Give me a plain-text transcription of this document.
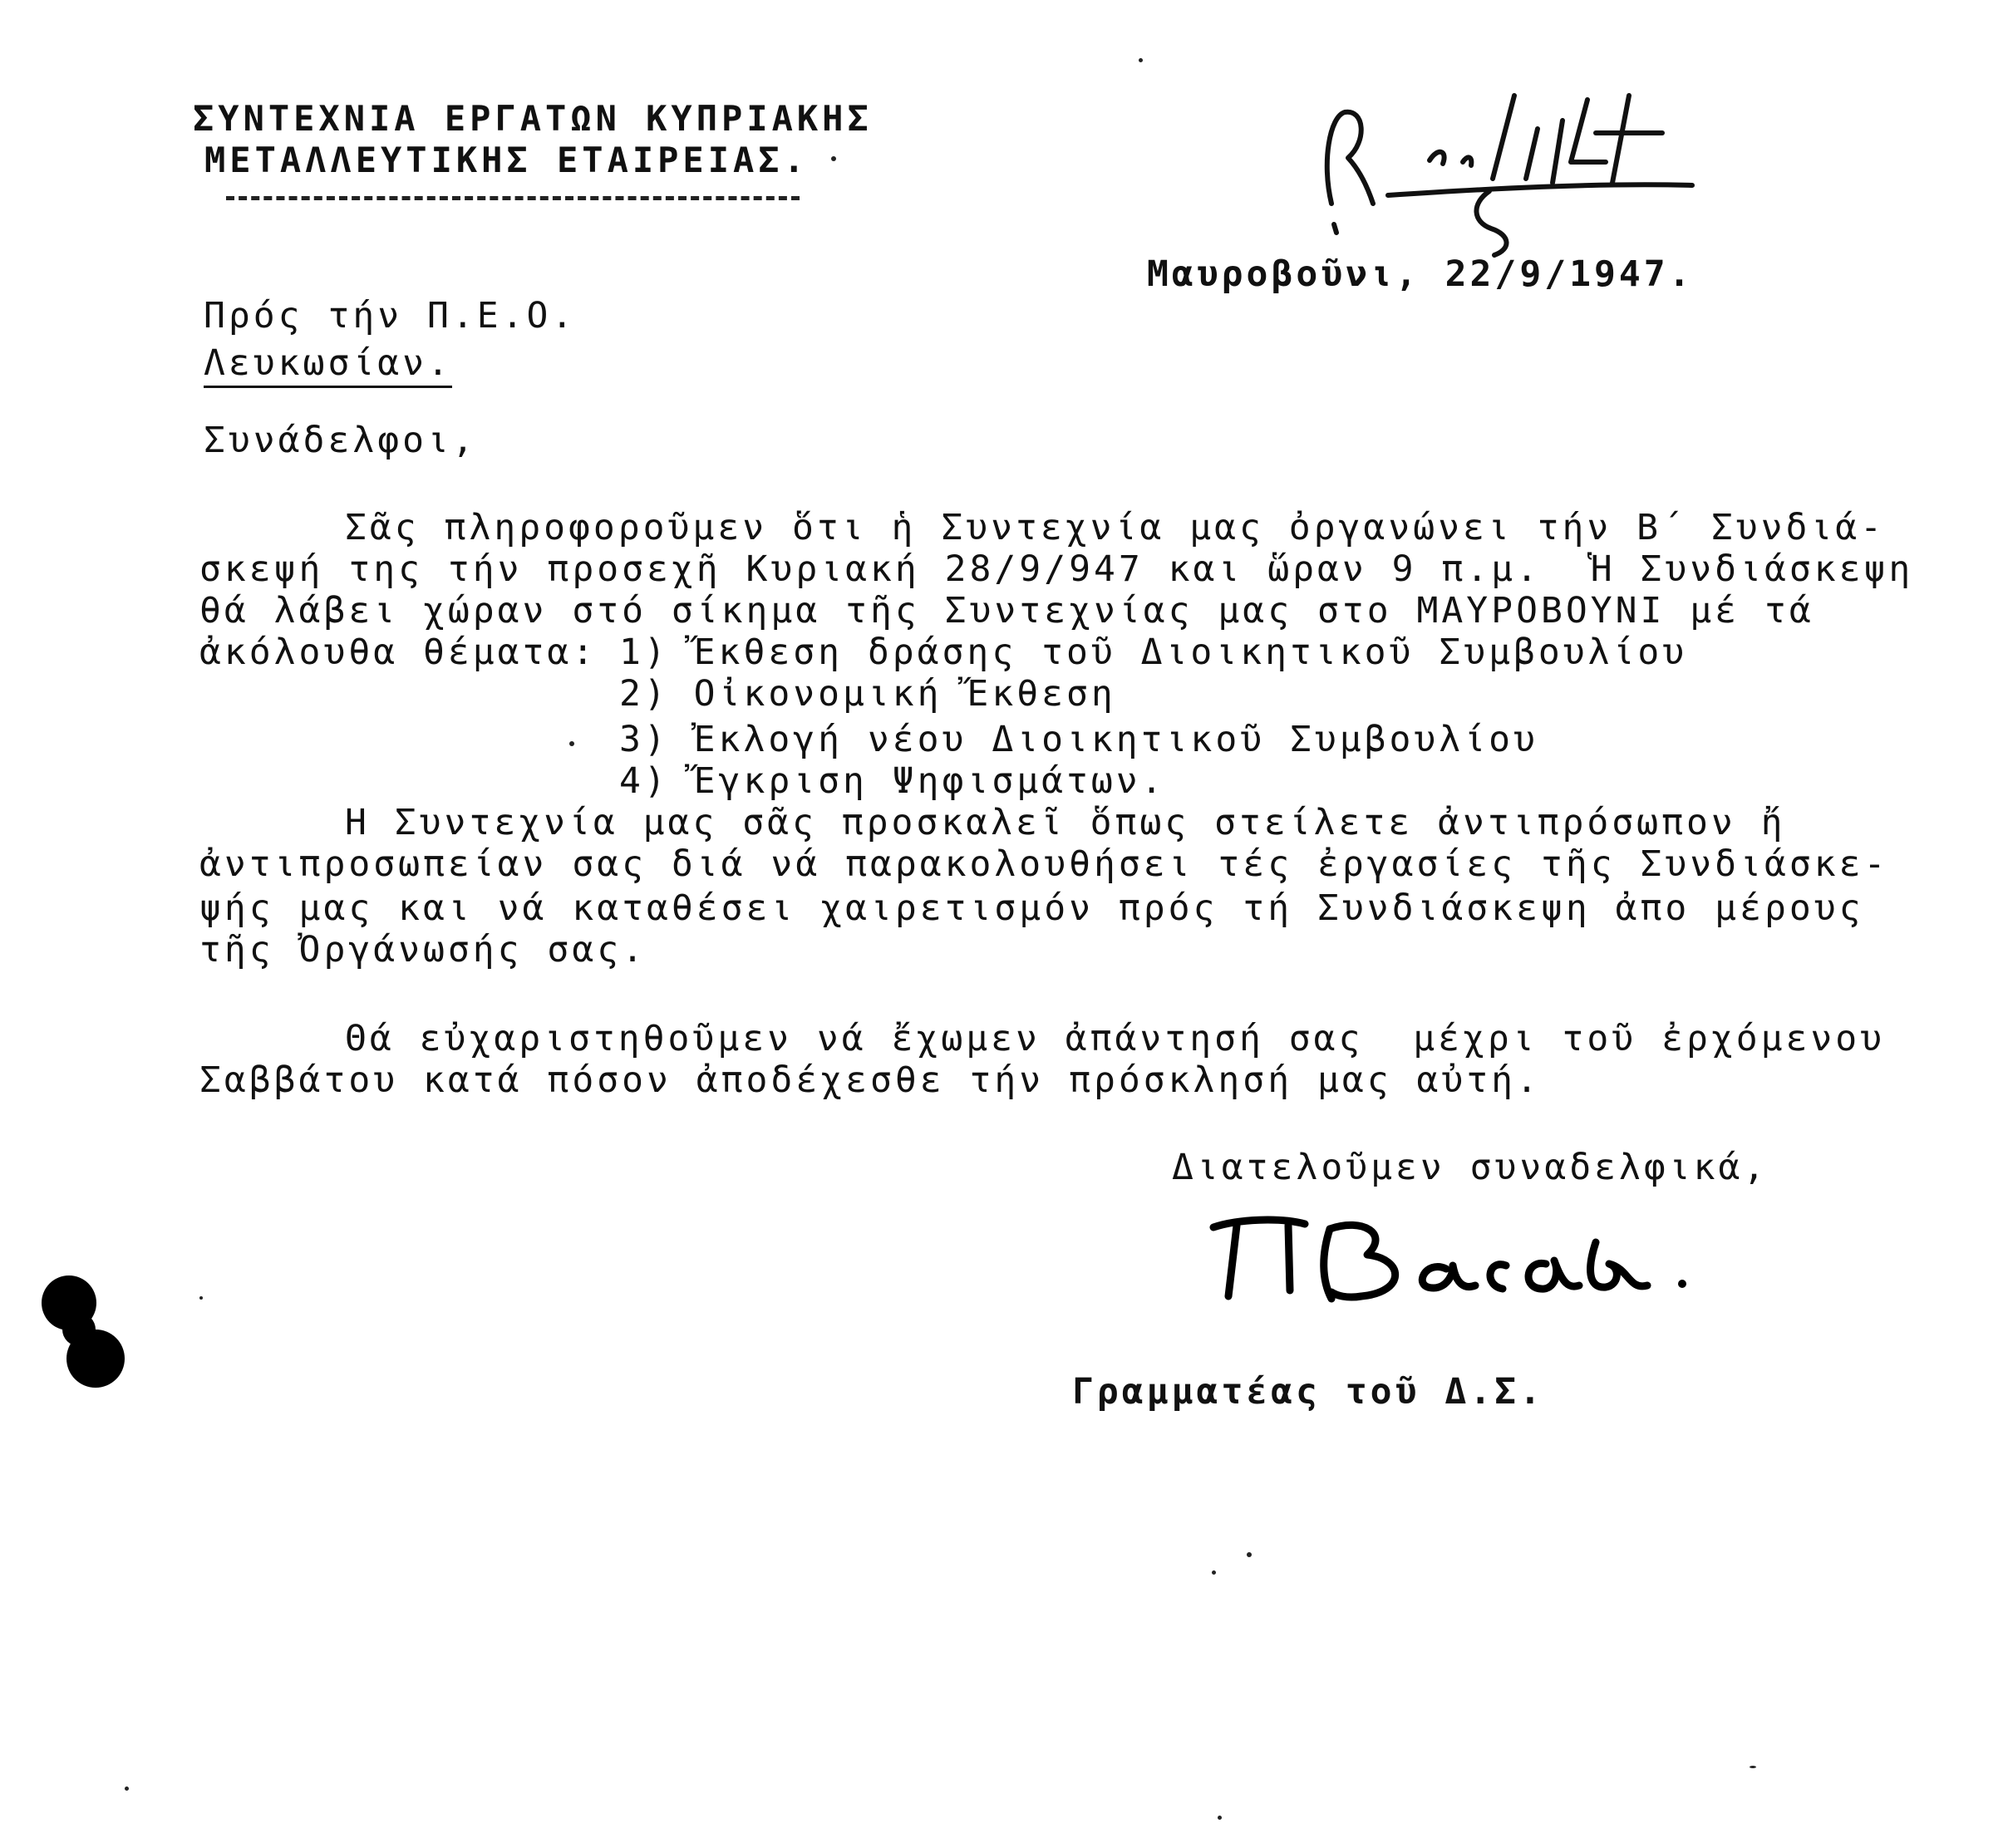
ΣΥΝΤΕΧΝΙΑ ΕΡΓΑΤΩΝ ΚΥΠΡΙΑΚΗΣ
ΜΕΤΑΛΛΕΥΤΙΚΗΣ ΕΤΑΙΡΕΙΑΣ.
Μαυροβοῦνι, 22/9/1947.
Πρός τήν Π.Ε.Ο.
Λευκωσίαν.
Συνάδελφοι,
Σᾶς πληροφοροῦμεν ὅτι ἡ Συντεχνία μας ὀργανώνει τήν Β΄ Συνδιά-
σκεψή της τήν προσεχῆ Κυριακή 28/9/947 και ὥραν 9 π.μ.  Ἡ Συνδιάσκεψη
θά λάβει χώραν στό σίκημα τῆς Συντεχνίας μας στο ΜΑΥΡΟΒΟΥΝΙ μέ τά
ἀκόλουθα θέματα: 1) Ἔκθεση δράσης τοῦ Διοικητικοῦ Συμβουλίου
2) Οἰκονομική Ἔκθεση
3) Ἐκλογή νέου Διοικητικοῦ Συμβουλίου
4) Ἔγκριση Ψηφισμάτων.
Η Συντεχνία μας σᾶς προσκαλεῖ ὅπως στείλετε ἀντιπρόσωπον ἤ
ἀντιπροσωπείαν σας διά νά παρακολουθήσει τές ἐργασίες τῆς Συνδιάσκε-
ψής μας και νά καταθέσει χαιρετισμόν πρός τή Συνδιάσκεψη ἀπο μέρους
τῆς Ὀργάνωσής σας.
Θά εὐχαριστηθοῦμεν νά ἔχωμεν ἀπάντησή σας  μέχρι τοῦ ἐρχόμενου
Σαββάτου κατά πόσον ἀποδέχεσθε τήν πρόσκλησή μας αὐτή.
Διατελοῦμεν συναδελφικά,
Γραμματέας τοῦ Δ.Σ.
